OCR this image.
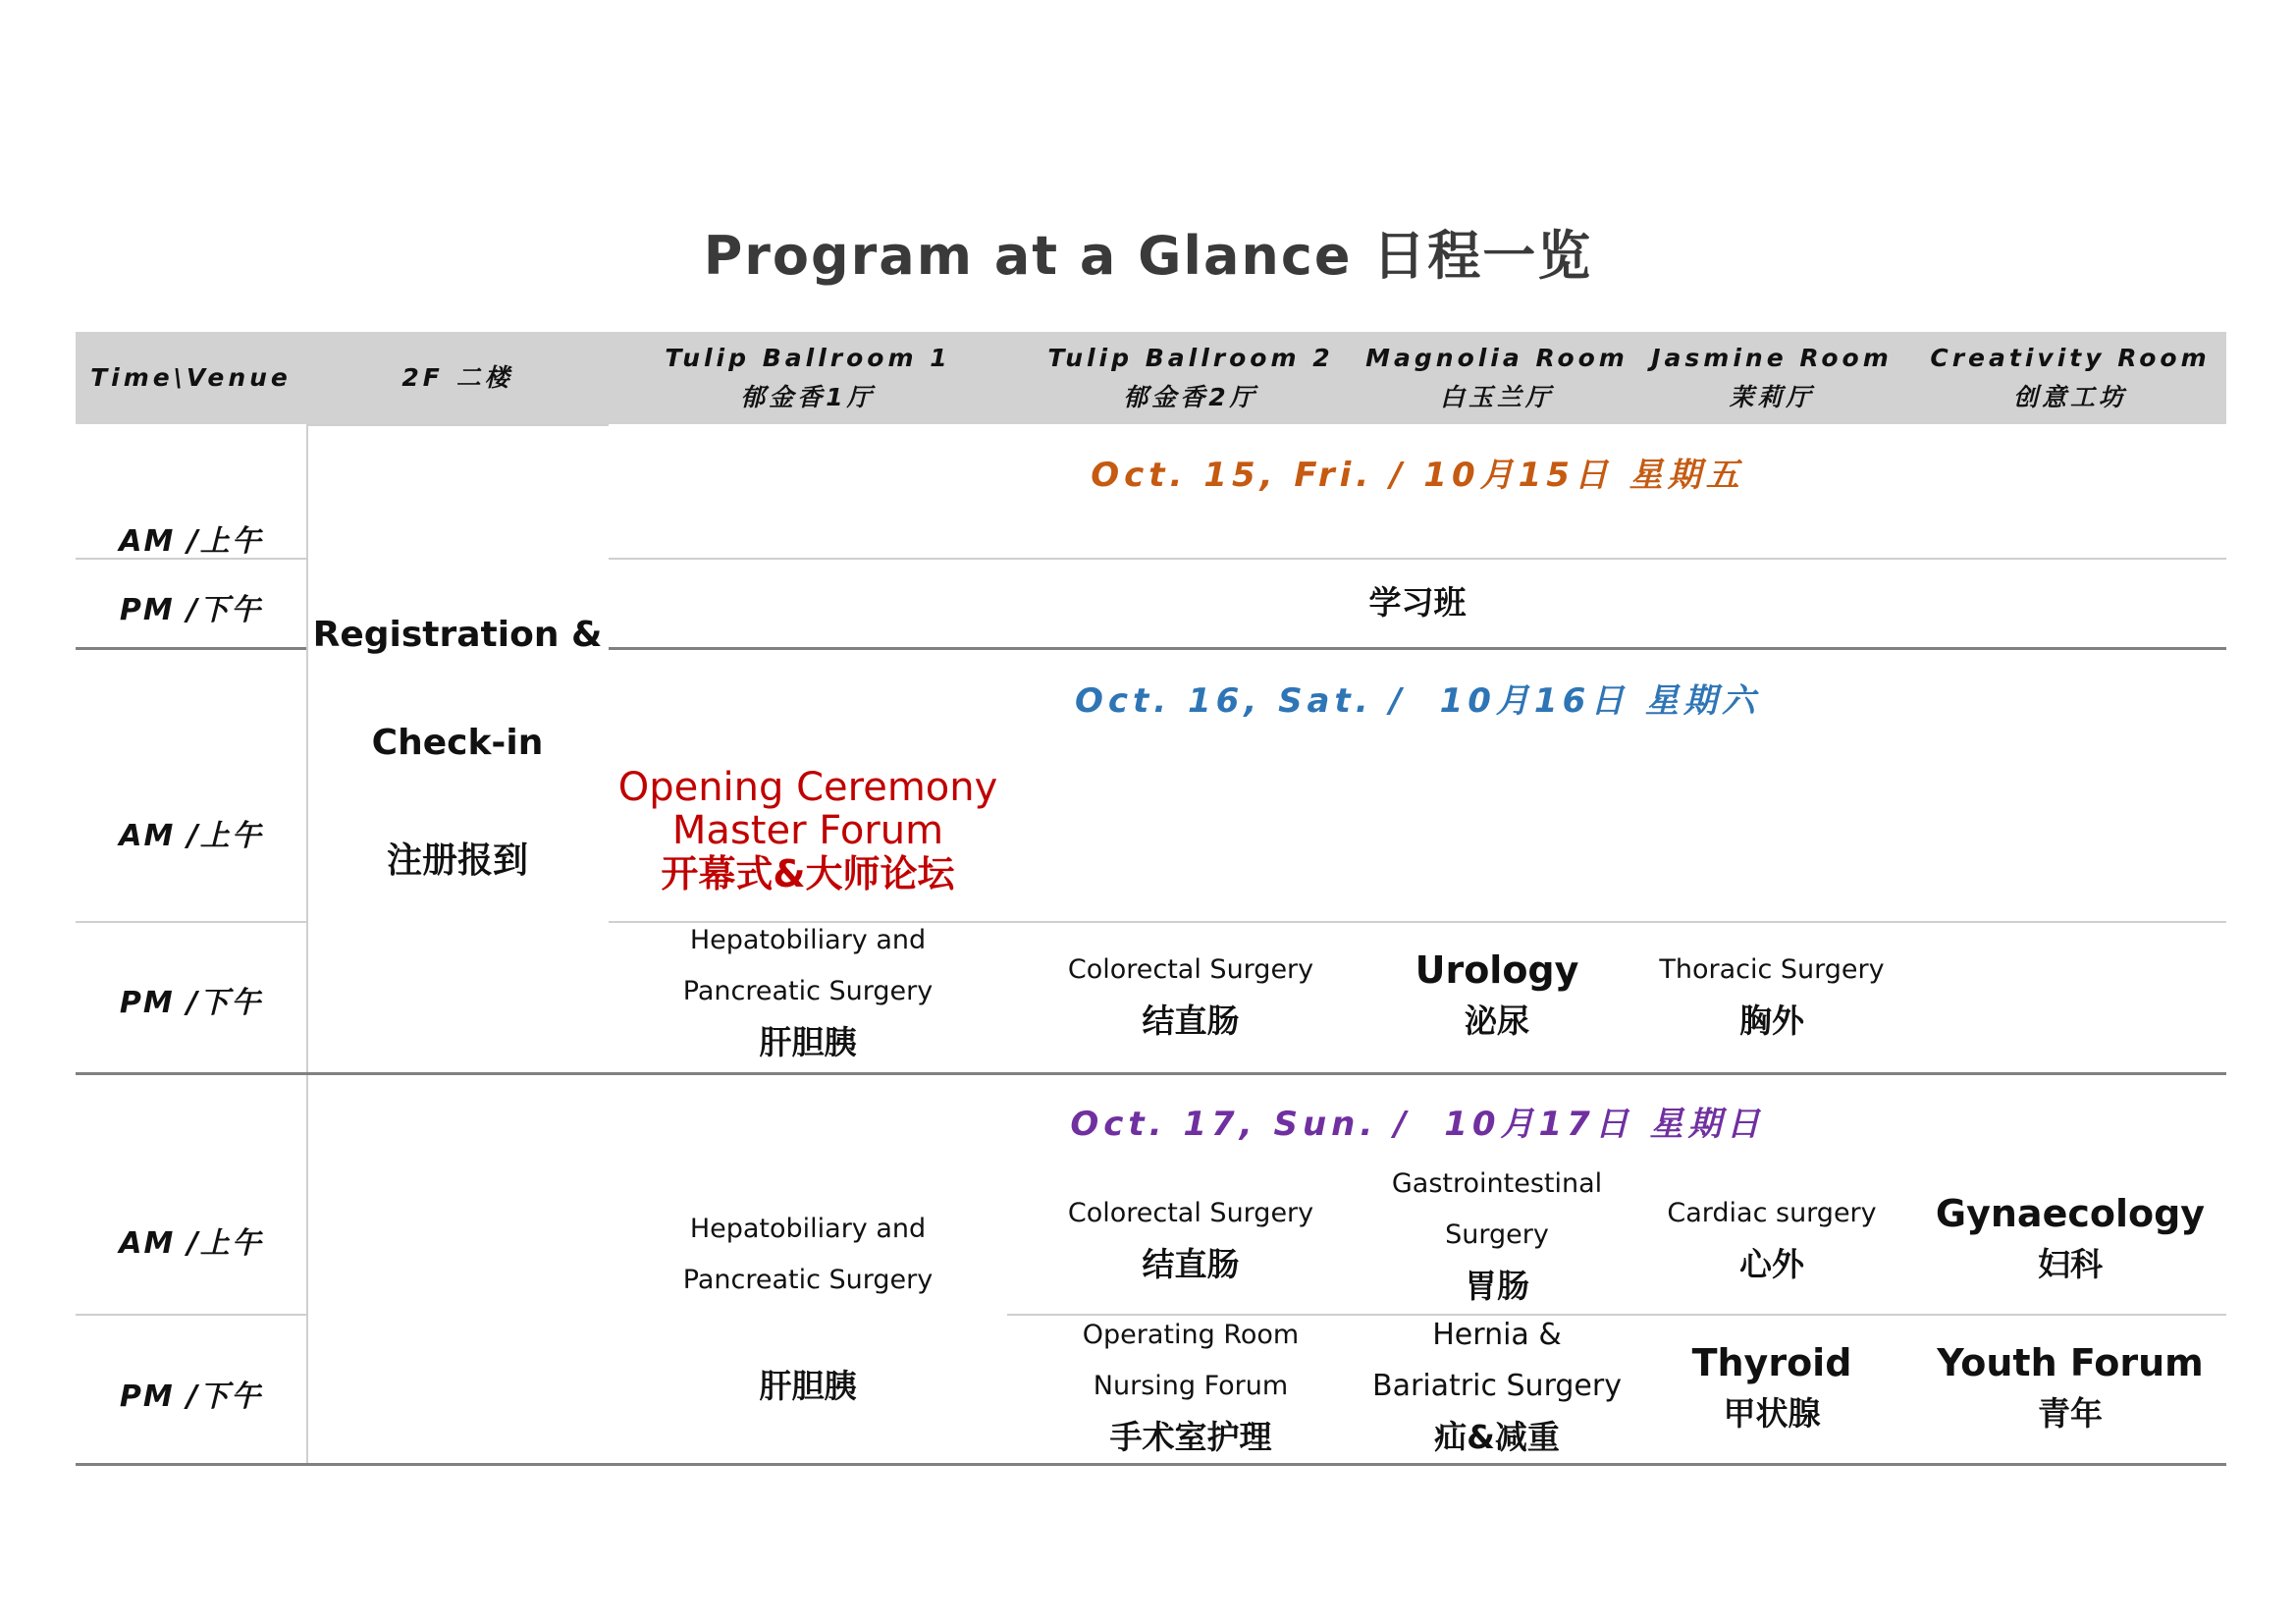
Program at a Glance 日程一览
Time\Venue	2F 二楼
Tulip Ballroom 1
郁金香1厅
Tulip Ballroom 2
郁金香2厅
Magnolia Room
白玉兰厅
Jasmine Room
茉莉厅
Creativity Room
创意工坊
AM /上午
PM /下午
AM /上午
PM /下午
AM /上午
PM /下午
Registration &
Check-in
注册报到
Oct. 15, Fri. / 10月15日 星期五
学习班
Oct. 16, Sat. /  10月16日 星期六
Opening Ceremony
Master Forum
开幕式&大师论坛
Hepatobiliary and
Pancreatic Surgery
肝胆胰
Colorectal Surgery
结直肠
Urology
泌尿
Thoracic Surgery
胸外
Oct. 17, Sun. /  10月17日 星期日
Hepatobiliary and
Pancreatic Surgery
肝胆胰
Colorectal Surgery
结直肠
Gastrointestinal
Surgery
胃肠
Cardiac surgery
心外
Gynaecology
妇科
Operating Room
Nursing Forum
手术室护理
Hernia &
Bariatric Surgery
疝&减重
Thyroid
甲状腺
Youth Forum
青年
